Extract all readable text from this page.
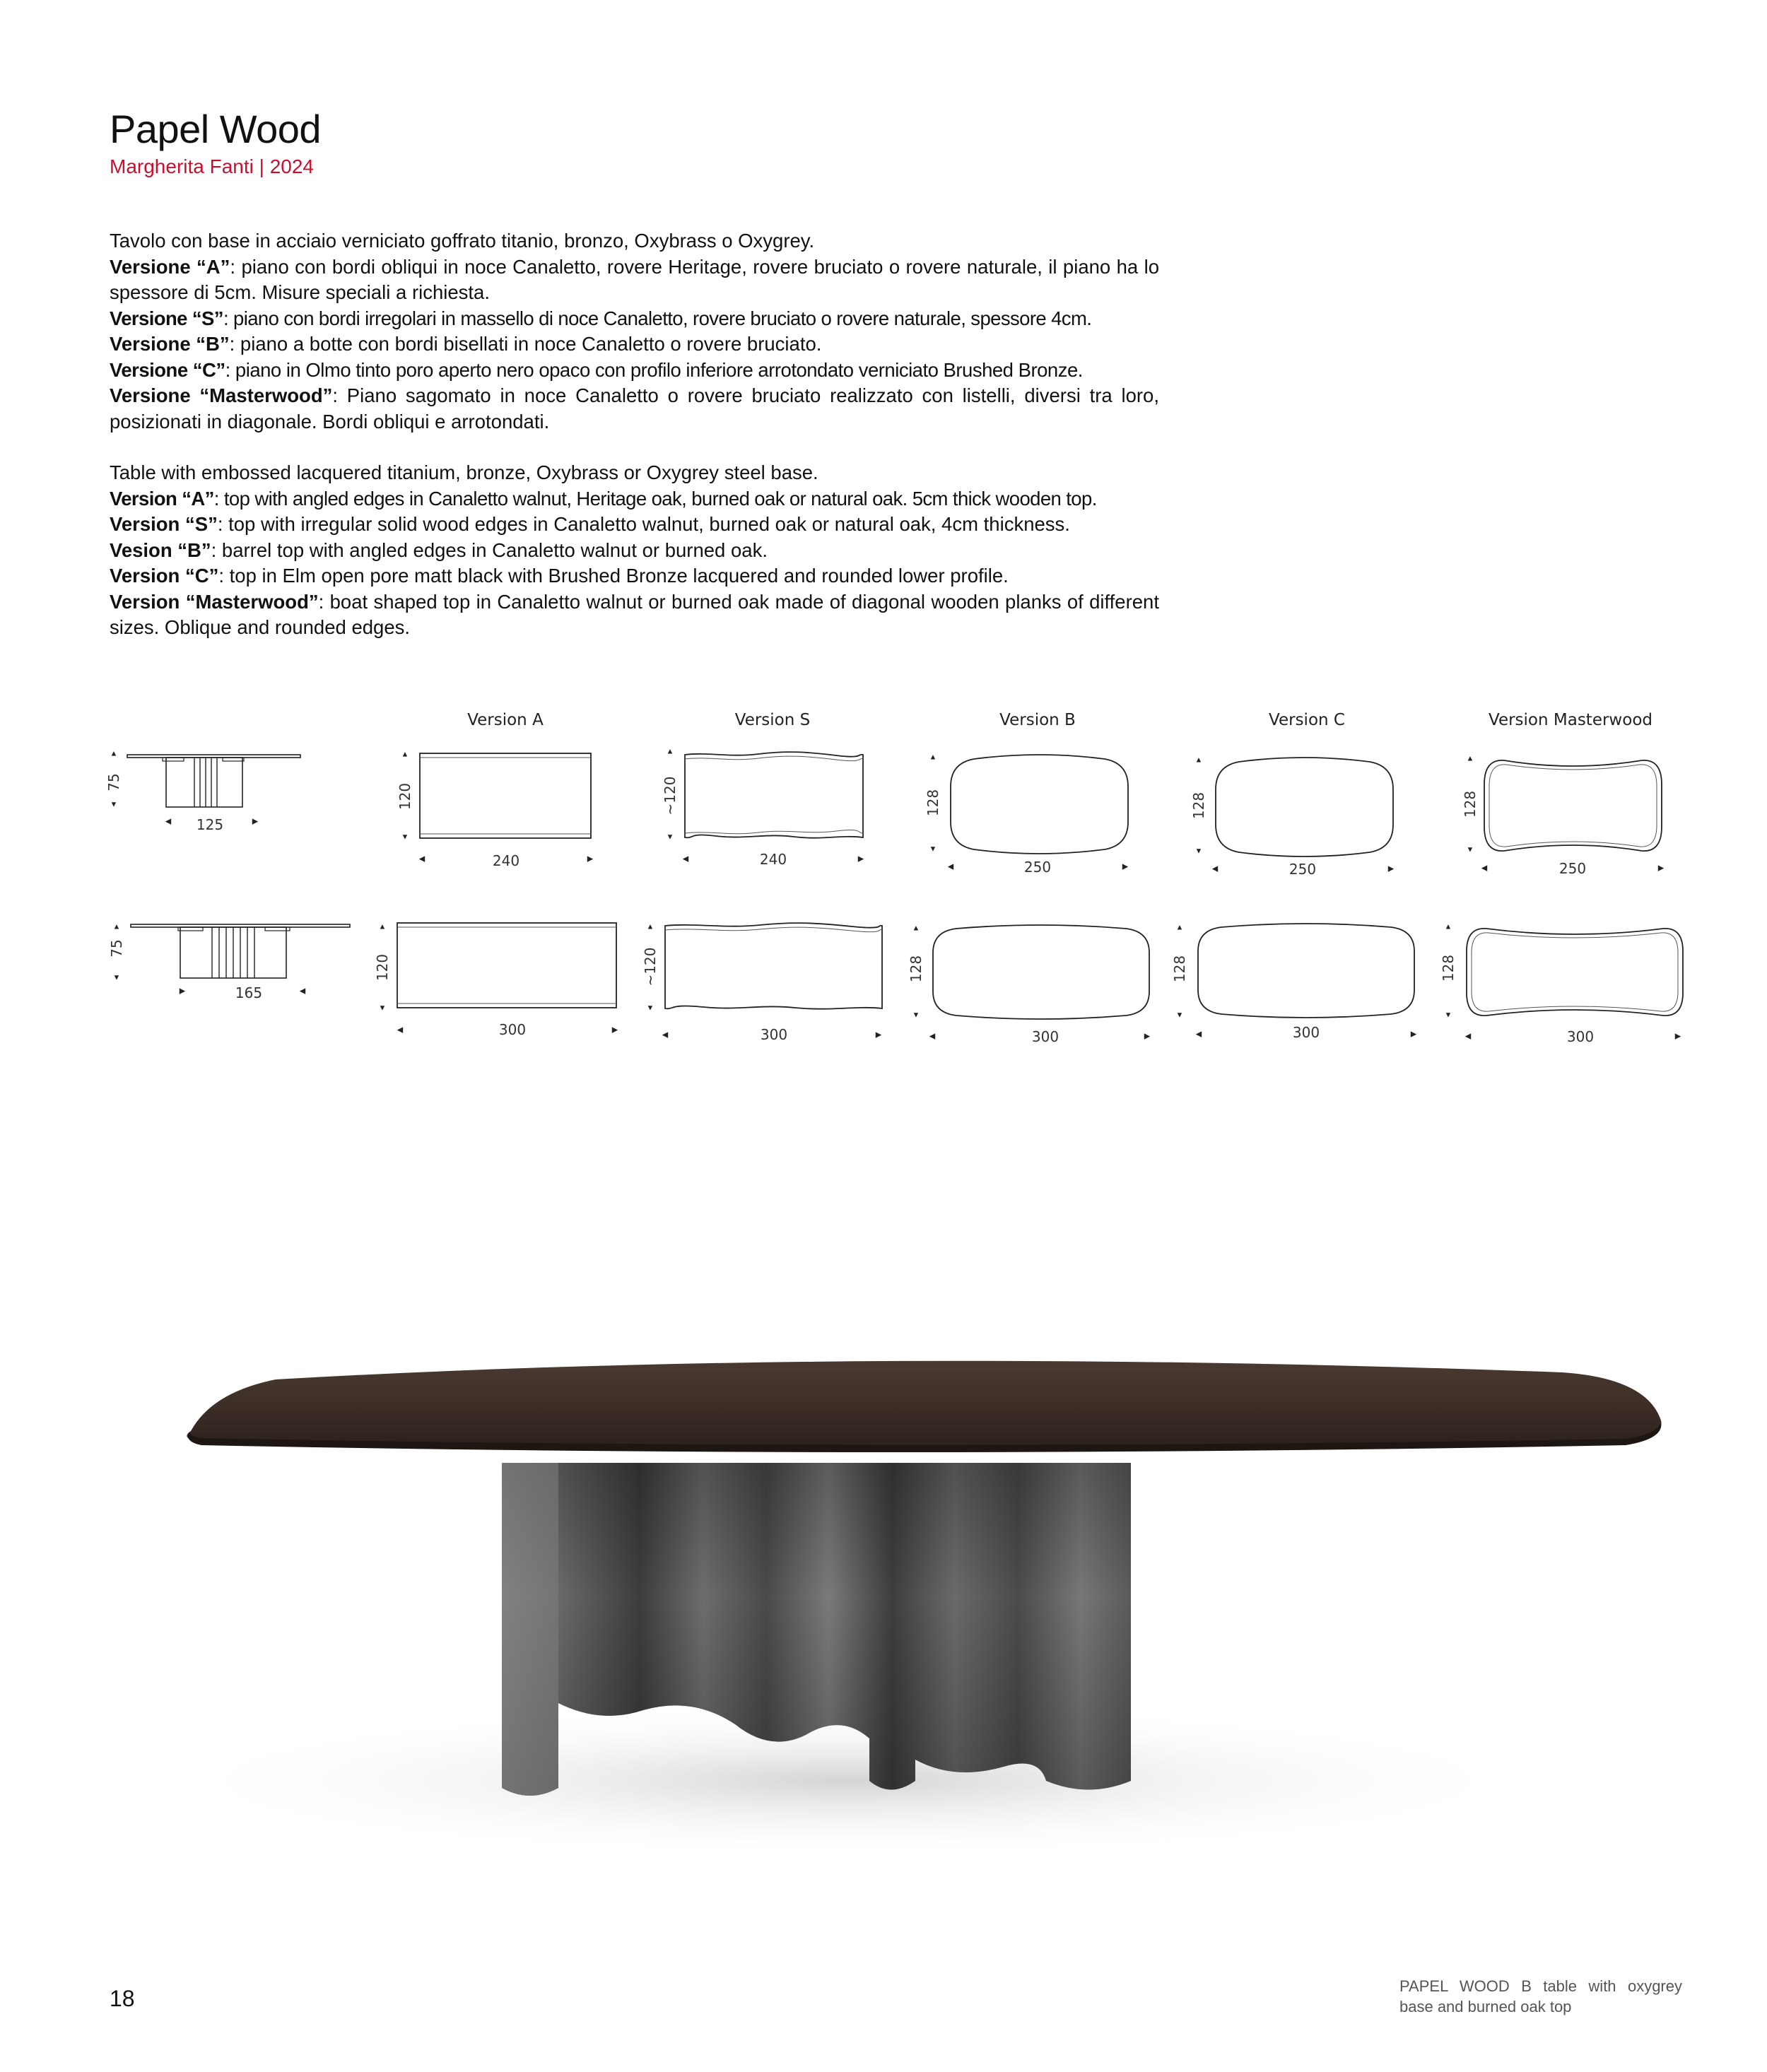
Papel Wood
Margherita Fanti | 2024

Tavolo con base in acciaio verniciato goffrato titanio, bronzo, Oxybrass o Oxygrey.

Versione “A”: piano con bordi obliqui in noce Canaletto, rovere Heritage, rovere bruciato o rovere naturale, il piano ha lo spessore di 5cm. Misure speciali a richiesta.

Versione “S”: piano con bordi irregolari in massello di noce Canaletto, rovere bruciato o rovere naturale, spessore 4cm.

Versione “B”: piano a botte con bordi bisellati in noce Canaletto o rovere bruciato.

Versione “C”: piano in Olmo tinto poro aperto nero opaco con profilo inferiore arrotondato verniciato Brushed Bronze.

Versione “Masterwood”: Piano sagomato in noce Canaletto o rovere bruciato realizzato con listelli, diversi tra loro, posizionati in diagonale. Bordi obliqui e arrotondati.

Table with embossed lacquered titanium, bronze, Oxybrass or Oxygrey steel base.

Version “A”: top with angled edges in Canaletto walnut, Heritage oak, burned oak or natural oak. 5cm thick wooden top.

Version “S”: top with irregular solid wood edges in Canaletto walnut, burned oak or natural oak, 4cm thickness.

Vesion “B”: barrel top with angled edges in Canaletto walnut or burned oak.

Version “C”: top in Elm open pore matt black with Brushed Bronze lacquered and rounded lower profile.

Version “Masterwood”: boat shaped top in Canaletto walnut or burned oak made of diagonal wooden planks of different sizes. Oblique and rounded edges.

Version A	Version S	Version B	Version C	Version Masterwood
▲
▼
75
◀	▶
125
▲
▼
120
◀	▶
240
▲
▼
~120
◀	▶
240
▲
▼
128
◀	▶
250
▲
▼
128
◀	▶
250
▲
▼
128
◀	▶
250
▲
▼
75
▶	◀
165
▲
▼
120
◀	▶
300
▲
▼
~120
◀	▶
300
▲
▼
128
◀	▶
300
▲
▼
128
◀	▶
300
▲
▼
128
◀	▶
300
18	PAPEL WOOD B table with oxygrey base and burned oak top
